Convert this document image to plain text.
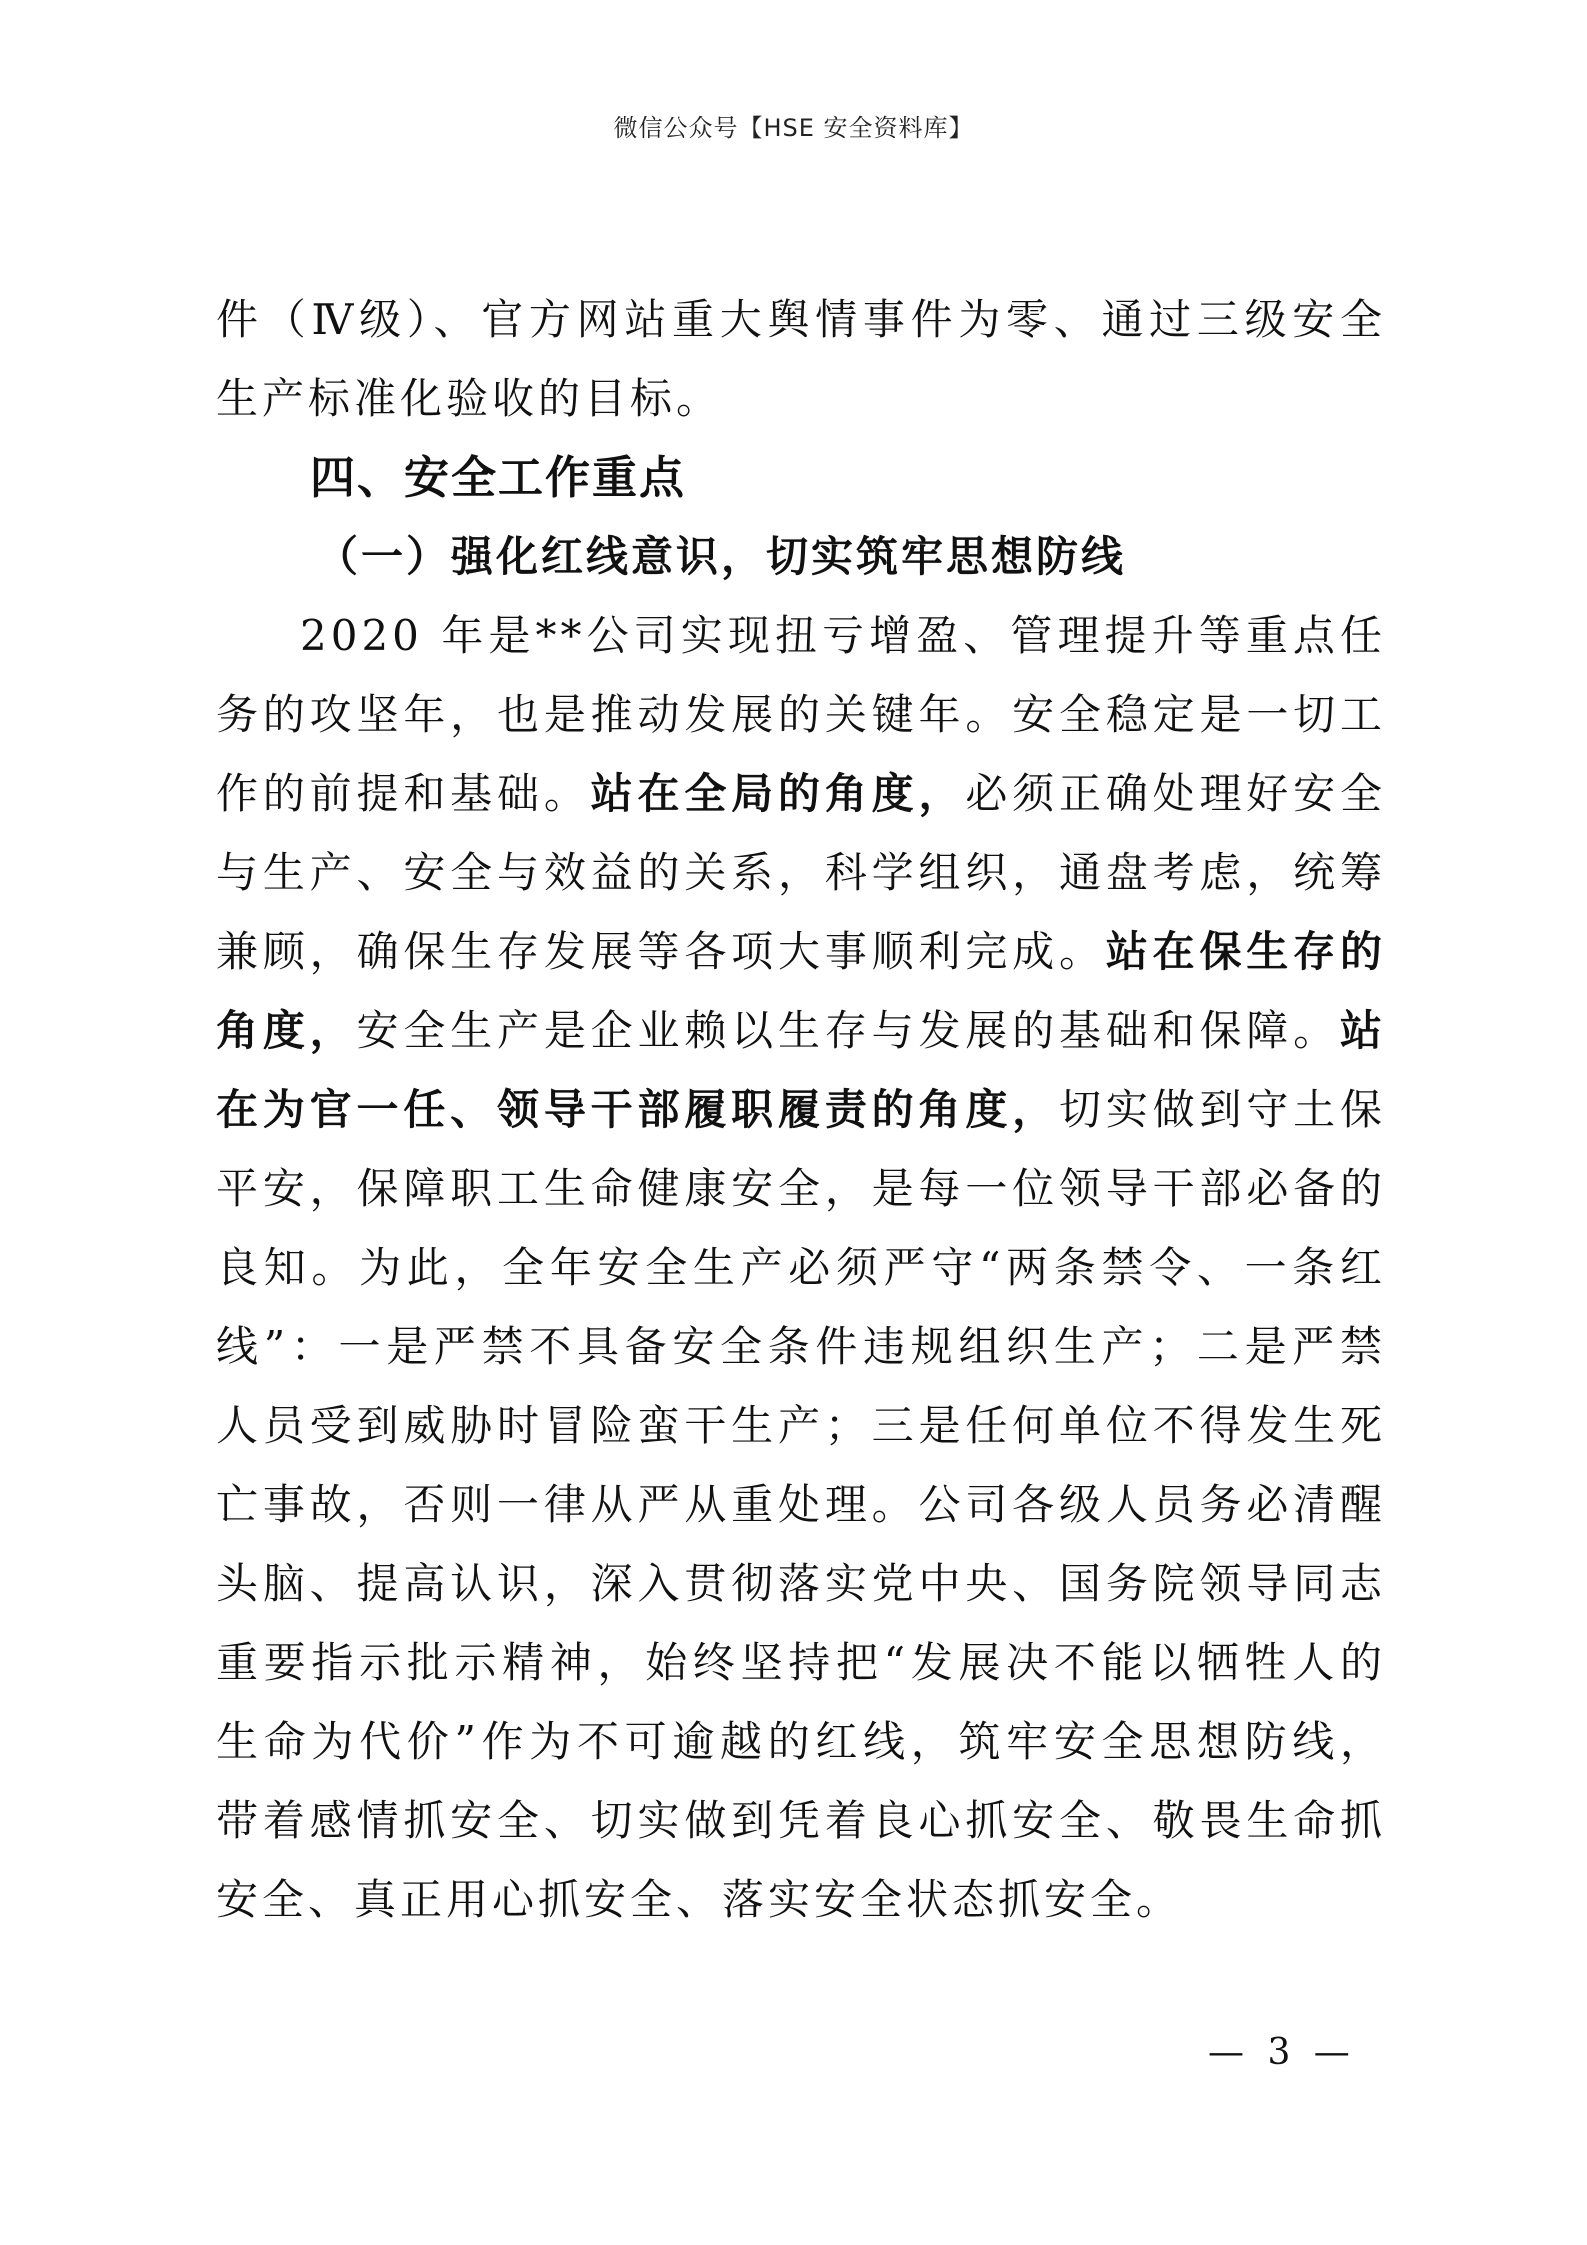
微信公众号【HSE 安全资料库】

件（Ⅳ级）、官方网站重大舆情事件为零、通过三级安全生产标准化验收的目标。

四、安全工作重点

（一）强化红线意识，切实筑牢思想防线

2020 年是**公司实现扭亏增盈、管理提升等重点任务的攻坚年，也是推动发展的关键年。安全稳定是一切工作的前提和基础。站在全局的角度，必须正确处理好安全与生产、安全与效益的关系，科学组织，通盘考虑，统筹兼顾，确保生存发展等各项大事顺利完成。站在保生存的角度，安全生产是企业赖以生存与发展的基础和保障。站在为官一任、领导干部履职履责的角度，切实做到守土保平安，保障职工生命健康安全，是每一位领导干部必备的良知。为此，全年安全生产必须严守“两条禁令、一条红线”：一是严禁不具备安全条件违规组织生产；二是严禁人员受到威胁时冒险蛮干生产；三是任何单位不得发生死亡事故，否则一律从严从重处理。公司各级人员务必清醒头脑、提高认识，深入贯彻落实党中央、国务院领导同志重要指示批示精神，始终坚持把“发展决不能以牺牲人的生命为代价”作为不可逾越的红线，筑牢安全思想防线，带着感情抓安全、切实做到凭着良心抓安全、敬畏生命抓安全、真正用心抓安全、落实安全状态抓安全。

— 3 —
